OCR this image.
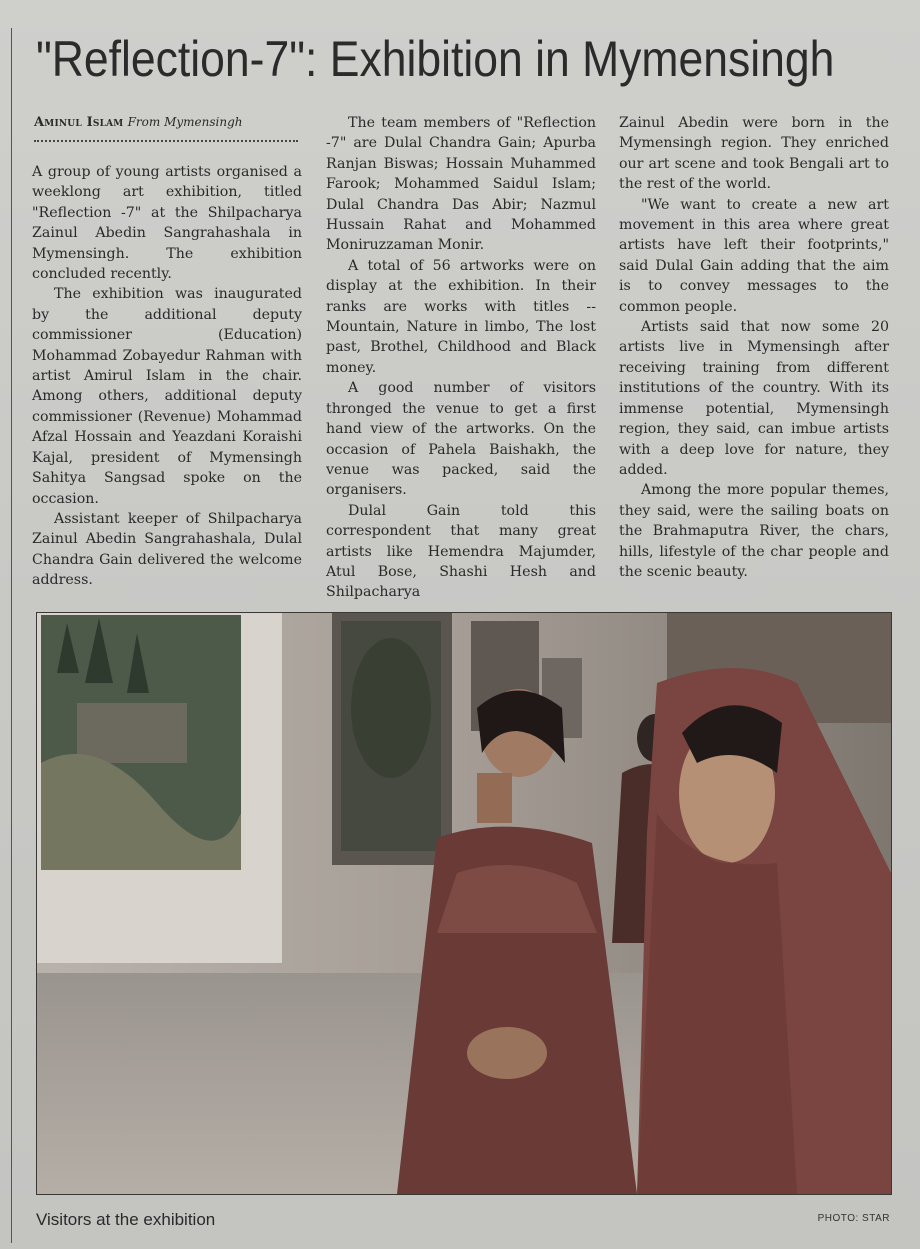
"Reflection-7": Exhibition in Mymensingh
Aminul Islam From Mymensingh

A group of young artists organised a weeklong art exhibition, titled "Reflection -7" at the Shilpacharya Zainul Abedin Sangrahashala in Mymensingh. The exhibition concluded recently.

The exhibition was inaugurated by the additional deputy commissioner (Education) Mohammad Zobayedur Rahman with artist Amirul Islam in the chair. Among others, additional deputy commissioner (Revenue) Mohammad Afzal Hossain and Yeazdani Koraishi Kajal, president of Mymensingh Sahitya Sangsad spoke on the occasion.

Assistant keeper of Shilpacharya Zainul Abedin Sangrahashala, Dulal Chandra Gain delivered the welcome address.

The team members of "Reflection -7" are Dulal Chandra Gain; Apurba Ranjan Biswas; Hossain Muhammed Farook; Mohammed Saidul Islam; Dulal Chandra Das Abir; Nazmul Hussain Rahat and Mohammed Moniruzzaman Monir.

A total of 56 artworks were on display at the exhibition. In their ranks are works with titles -- Mountain, Nature in limbo, The lost past, Brothel, Childhood and Black money.

A good number of visitors thronged the venue to get a first hand view of the artworks. On the occasion of Pahela Baishakh, the venue was packed, said the organisers.

Dulal Gain told this correspondent that many great artists like Hemendra Majumder, Atul Bose, Shashi Hesh and Shilpacharya

Zainul Abedin were born in the Mymensingh region. They enriched our art scene and took Bengali art to the rest of the world.

"We want to create a new art movement in this area where great artists have left their footprints," said Dulal Gain adding that the aim is to convey messages to the common people.

Artists said that now some 20 artists live in Mymensingh after receiving training from different institutions of the country. With its immense potential, Mymensingh region, they said, can imbue artists with a deep love for nature, they added.

Among the more popular themes, they said, were the sailing boats on the Brahmaputra River, the chars, hills, lifestyle of the char people and the scenic beauty.

Visitors at the exhibition	PHOTO: STAR
